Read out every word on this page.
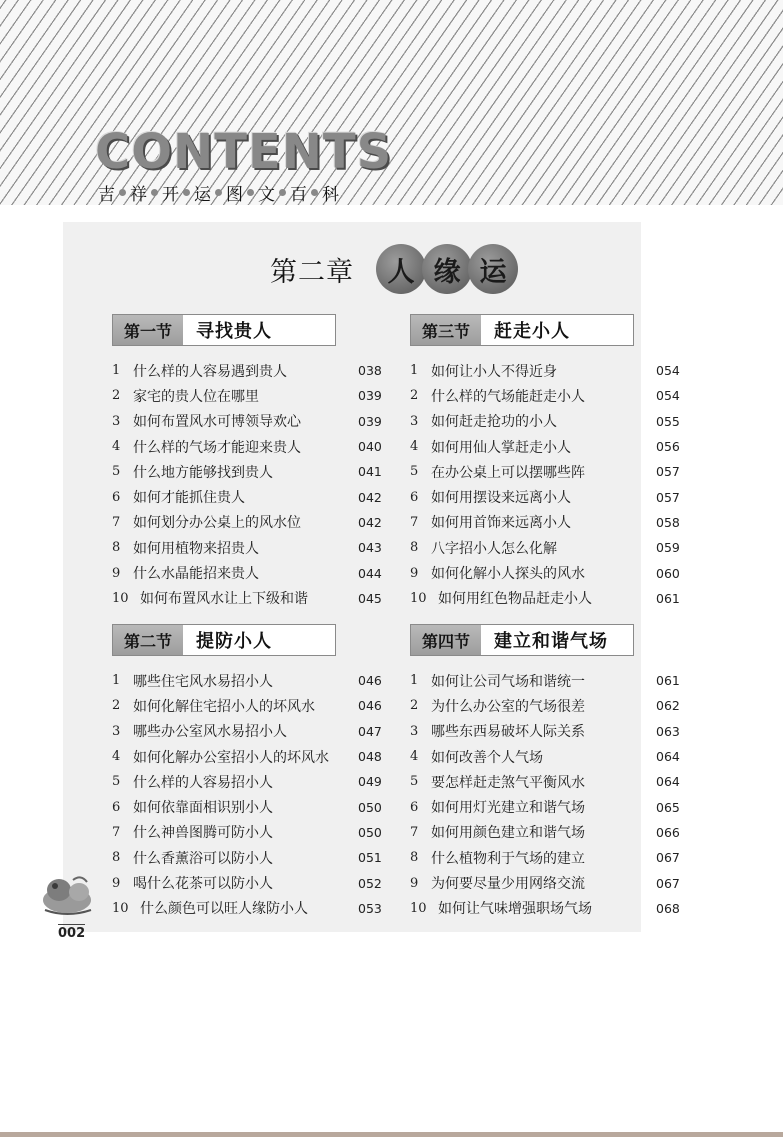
CONTENTS
吉 祥 开 运 图 文 百 科
第二章	人 缘 运
第一节	寻找贵人
1 什么样的人容易遇到贵人	038
2 家宅的贵人位在哪里	039
3 如何布置风水可博领导欢心	039
4 什么样的气场才能迎来贵人	040
5 什么地方能够找到贵人	041
6 如何才能抓住贵人	042
7 如何划分办公桌上的风水位	042
8 如何用植物来招贵人	043
9 什么水晶能招来贵人	044
10 如何布置风水让上下级和谐	045
第三节	赶走小人
1 如何让小人不得近身	054
2 什么样的气场能赶走小人	054
3 如何赶走抢功的小人	055
4 如何用仙人掌赶走小人	056
5 在办公桌上可以摆哪些阵	057
6 如何用摆设来远离小人	057
7 如何用首饰来远离小人	058
8 八字招小人怎么化解	059
9 如何化解小人探头的风水	060
10 如何用红色物品赶走小人	061
第二节	提防小人
1 哪些住宅风水易招小人	046
2 如何化解住宅招小人的坏风水	046
3 哪些办公室风水易招小人	047
4 如何化解办公室招小人的坏风水	048
5 什么样的人容易招小人	049
6 如何依靠面相识别小人	050
7 什么神兽图腾可防小人	050
8 什么香薰浴可以防小人	051
9 喝什么花茶可以防小人	052
10 什么颜色可以旺人缘防小人	053
第四节	建立和谐气场
1 如何让公司气场和谐统一	061
2 为什么办公室的气场很差	062
3 哪些东西易破坏人际关系	063
4 如何改善个人气场	064
5 要怎样赶走煞气平衡风水	064
6 如何用灯光建立和谐气场	065
7 如何用颜色建立和谐气场	066
8 什么植物利于气场的建立	067
9 为何要尽量少用网络交流	067
10 如何让气味增强职场气场	068
002
